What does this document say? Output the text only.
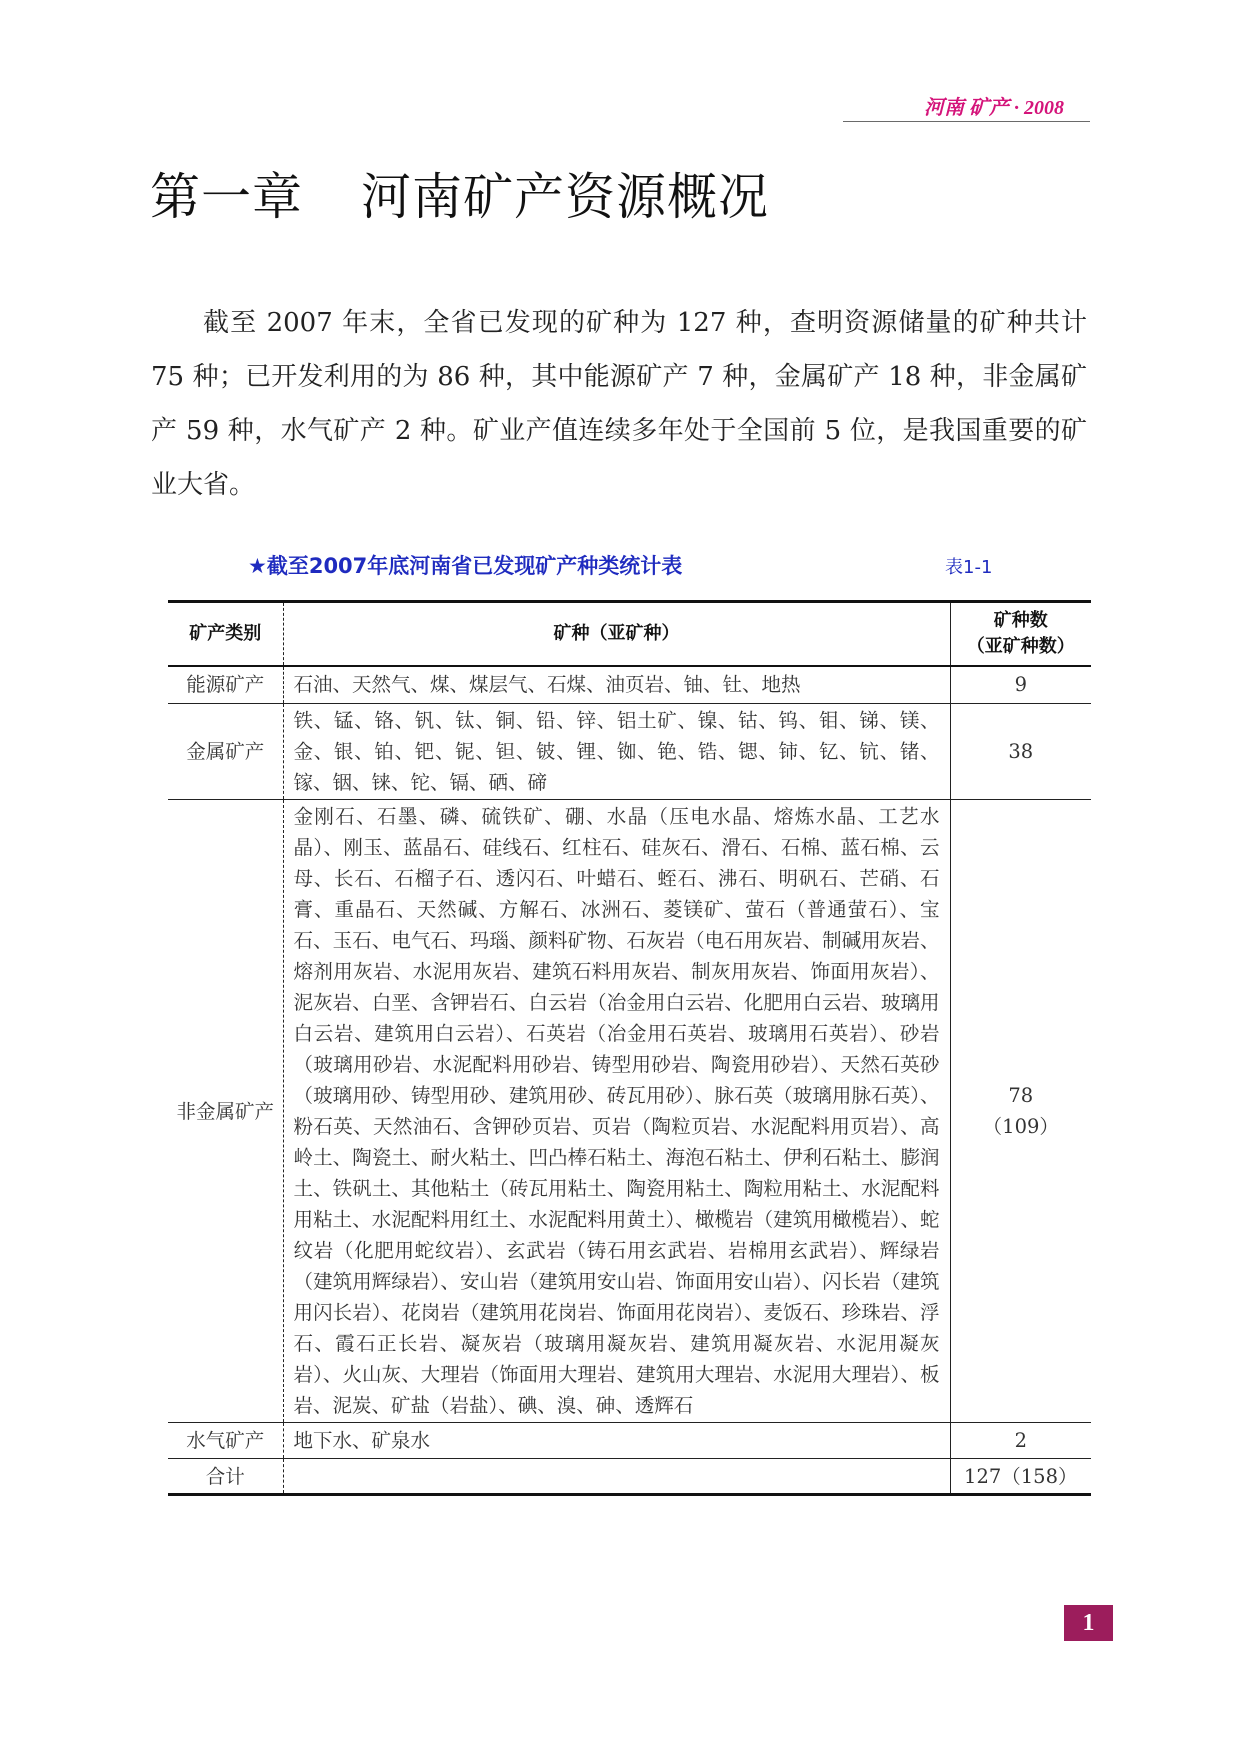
河南 矿产 · 2008
第一章 河南矿产资源概况

截至 2007 年末，全省已发现的矿种为 127 种，查明资源储量的矿种共计 75 种；已开发利用的为 86 种，其中能源矿产 7 种，金属矿产 18 种，非金属矿产 59 种，水气矿产 2 种。矿业产值连续多年处于全国前 5 位，是我国重要的矿业大省。

★截至2007年底河南省已发现矿产种类统计表	表1-1
矿产类别	矿种（亚矿种）	矿种数
（亚矿种数）

能源矿产	石油、天然气、煤、煤层气、石煤、油页岩、铀、钍、地热	9
金属矿产	铁、锰、铬、钒、钛、铜、铅、锌、铝土矿、镍、钴、钨、钼、锑、镁、金、银、铂、钯、铌、钽、铍、锂、铷、铯、锆、锶、铈、钇、钪、锗、镓、铟、铼、铊、镉、硒、碲	38
非金属矿产	金刚石、石墨、磷、硫铁矿、硼、水晶（压电水晶、熔炼水晶、工艺水晶）、刚玉、蓝晶石、硅线石、红柱石、硅灰石、滑石、石棉、蓝石棉、云母、长石、石榴子石、透闪石、叶蜡石、蛭石、沸石、明矾石、芒硝、石膏、重晶石、天然碱、方解石、冰洲石、菱镁矿、萤石（普通萤石）、宝石、玉石、电气石、玛瑙、颜料矿物、石灰岩（电石用灰岩、制碱用灰岩、熔剂用灰岩、水泥用灰岩、建筑石料用灰岩、制灰用灰岩、饰面用灰岩）、泥灰岩、白垩、含钾岩石、白云岩（冶金用白云岩、化肥用白云岩、玻璃用白云岩、建筑用白云岩）、石英岩（冶金用石英岩、玻璃用石英岩）、砂岩（玻璃用砂岩、水泥配料用砂岩、铸型用砂岩、陶瓷用砂岩）、天然石英砂（玻璃用砂、铸型用砂、建筑用砂、砖瓦用砂）、脉石英（玻璃用脉石英）、粉石英、天然油石、含钾砂页岩、页岩（陶粒页岩、水泥配料用页岩）、高岭土、陶瓷土、耐火粘土、凹凸棒石粘土、海泡石粘土、伊利石粘土、膨润土、铁矾土、其他粘土（砖瓦用粘土、陶瓷用粘土、陶粒用粘土、水泥配料用粘土、水泥配料用红土、水泥配料用黄土）、橄榄岩（建筑用橄榄岩）、蛇纹岩（化肥用蛇纹岩）、玄武岩（铸石用玄武岩、岩棉用玄武岩）、辉绿岩（建筑用辉绿岩）、安山岩（建筑用安山岩、饰面用安山岩）、闪长岩（建筑用闪长岩）、花岗岩（建筑用花岗岩、饰面用花岗岩）、麦饭石、珍珠岩、浮石、霞石正长岩、凝灰岩（玻璃用凝灰岩、建筑用凝灰岩、水泥用凝灰岩）、火山灰、大理岩（饰面用大理岩、建筑用大理岩、水泥用大理岩）、板岩、泥炭、矿盐（岩盐）、碘、溴、砷、透辉石	78
（109）

水气矿产	地下水、矿泉水	2
合计		127（158）
1
